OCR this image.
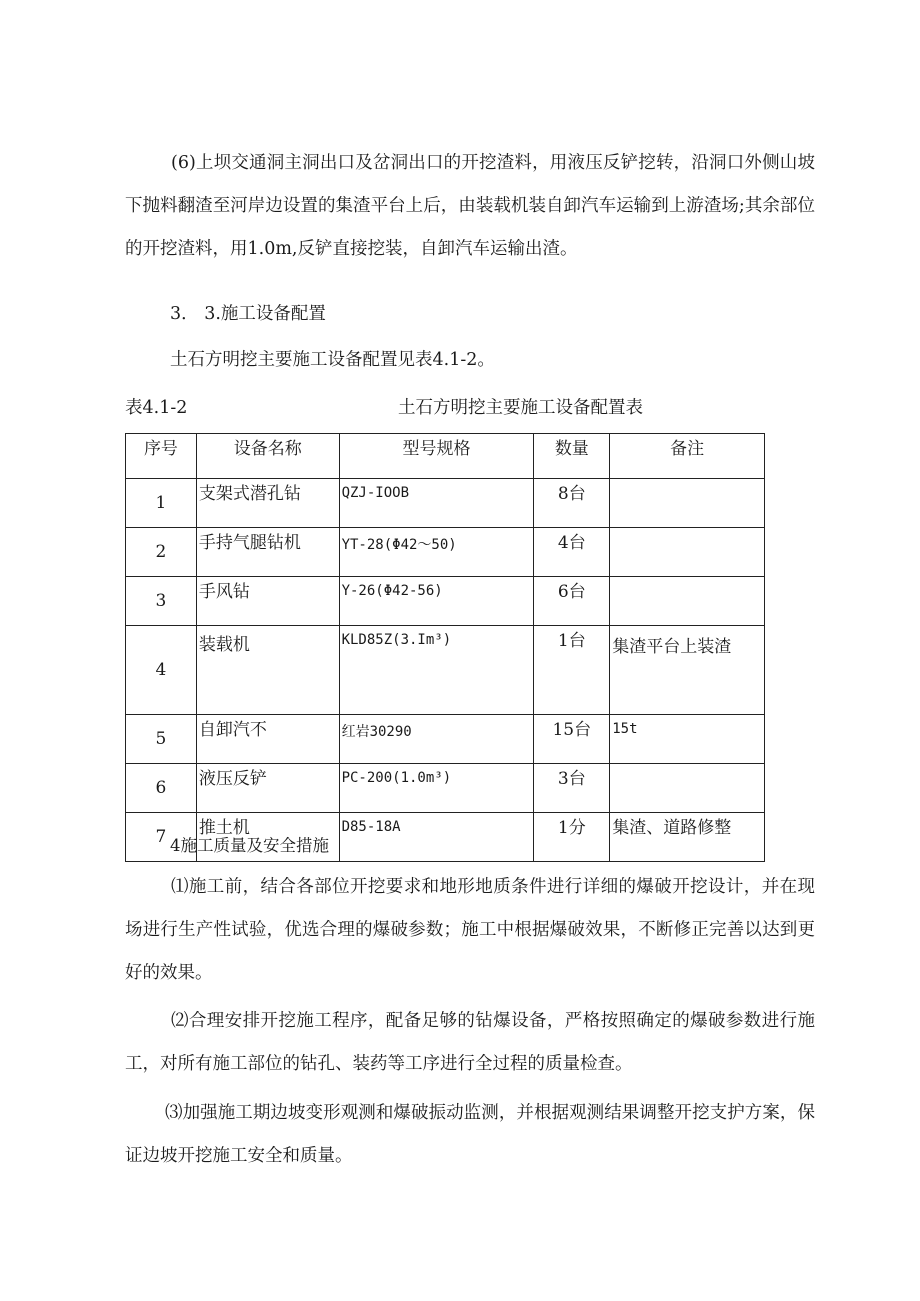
(6)上坝交通洞主洞出口及岔洞出口的开挖渣料，用液压反铲挖转，沿洞口外侧山坡下抛料翻渣至河岸边设置的集渣平台上后，由装载机装自卸汽车运输到上游渣场;其余部位的开挖渣料，用1.0m,反铲直接挖装，自卸汽车运输出渣。

3． 3.施工设备配置

土石方明挖主要施工设备配置见表4.1-2。

表4.1-2	土石方明挖主要施工设备配置表

序号	设备名称	型号规格	数量	备注
1	支架式潜孔钻	QZJ-IOOB	8台	
2	手持气腿钻机	YT-28(Φ42～50)	4台	
3	手风钻	Y-26(Φ42-56)	6台	
4	装载机	KLD85Z(3.Im³)	1台	集渣平台上装渣
5	自卸汽不	红岩30290	15台	15t
6	液压反铲	PC-200(1.0m³)	3台	
7	推土机	D85-18A	1分	集渣、道路修整

4施工质量及安全措施

⑴施工前，结合各部位开挖要求和地形地质条件进行详细的爆破开挖设计，并在现场进行生产性试验，优选合理的爆破参数；施工中根据爆破效果，不断修正完善以达到更好的效果。

⑵合理安排开挖施工程序，配备足够的钻爆设备，严格按照确定的爆破参数进行施工，对所有施工部位的钻孔、装药等工序进行全过程的质量检查。

⑶加强施工期边坡变形观测和爆破振动监测，并根据观测结果调整开挖支护方案，保证边坡开挖施工安全和质量。
